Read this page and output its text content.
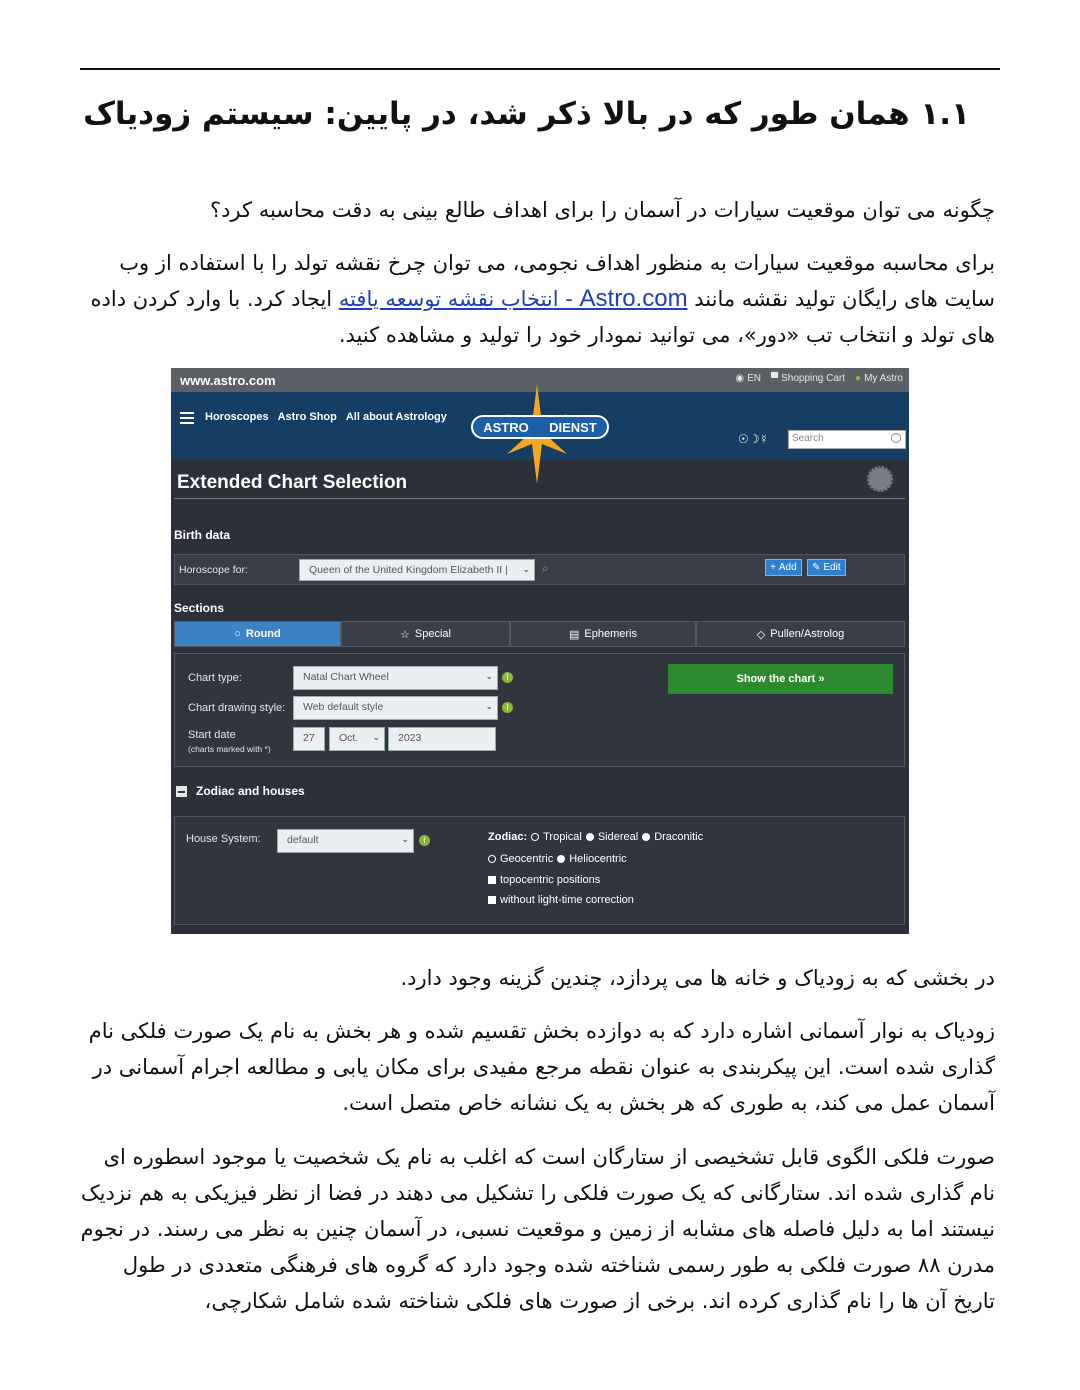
۱.۱ همان طور که در بالا ذکر شد، در پایین: سیستم زودیاک
چگونه می توان موقعیت سیارات در آسمان را برای اهداف طالع بینی به دقت محاسبه کرد؟
برای محاسبه موقعیت سیارات به منظور اهداف نجومی، می توان چرخ نقشه تولد را با استفاده از وب سایت های رایگان تولید نقشه مانند Astro.com - انتخاب نقشه توسعه یافته ایجاد کرد. با وارد کردن داده های تولد و انتخاب تب «دور»، می توانید نمودار خود را تولید و مشاهده کنید.
www.astro.com	◉ EN ▀ Shopping Cart ● My Astro
Horoscopes Astro Shop All about Astrology
ASTRO DIENST
☉☽☿ Search
Extended Chart Selection
Birth data
Horoscope for:	Queen of the United Kingdom Elizabeth II | ⌄ ⌕	+ Add ✎ Edit
Sections
○ Round	☆ Special	▤ Ephemeris	◇ Pullen/Astrolog
Chart type:	Natal Chart Wheel	⌄	i
Chart drawing style:	Web default style	⌄	i
Start date
(charts marked with *)
27	Oct. ⌄	2023
Show the chart »
Zodiac and houses
House System:	default	⌄	i	Zodiac: Tropical Sidereal Draconitic
Geocentric Heliocentric
topocentric positions
without light-time correction
در بخشی که به زودیاک و خانه ها می پردازد، چندین گزینه وجود دارد.
زودیاک به نوار آسمانی اشاره دارد که به دوازده بخش تقسیم شده و هر بخش به نام یک صورت فلکی نام گذاری شده است. این پیکربندی به عنوان نقطه مرجع مفیدی برای مکان یابی و مطالعه اجرام آسمانی در آسمان عمل می کند، به طوری که هر بخش به یک نشانه خاص متصل است.
صورت فلکی الگوی قابل تشخیصی از ستارگان است که اغلب به نام یک شخصیت یا موجود اسطوره ای نام گذاری شده اند. ستارگانی که یک صورت فلکی را تشکیل می دهند در فضا از نظر فیزیکی به هم نزدیک نیستند اما به دلیل فاصله های مشابه از زمین و موقعیت نسبی، در آسمان چنین به نظر می رسند. در نجوم مدرن ۸۸ صورت فلکی به طور رسمی شناخته شده وجود دارد که گروه های فرهنگی متعددی در طول تاریخ آن ها را نام گذاری کرده اند. برخی از صورت های فلکی شناخته شده شامل شکارچی،
